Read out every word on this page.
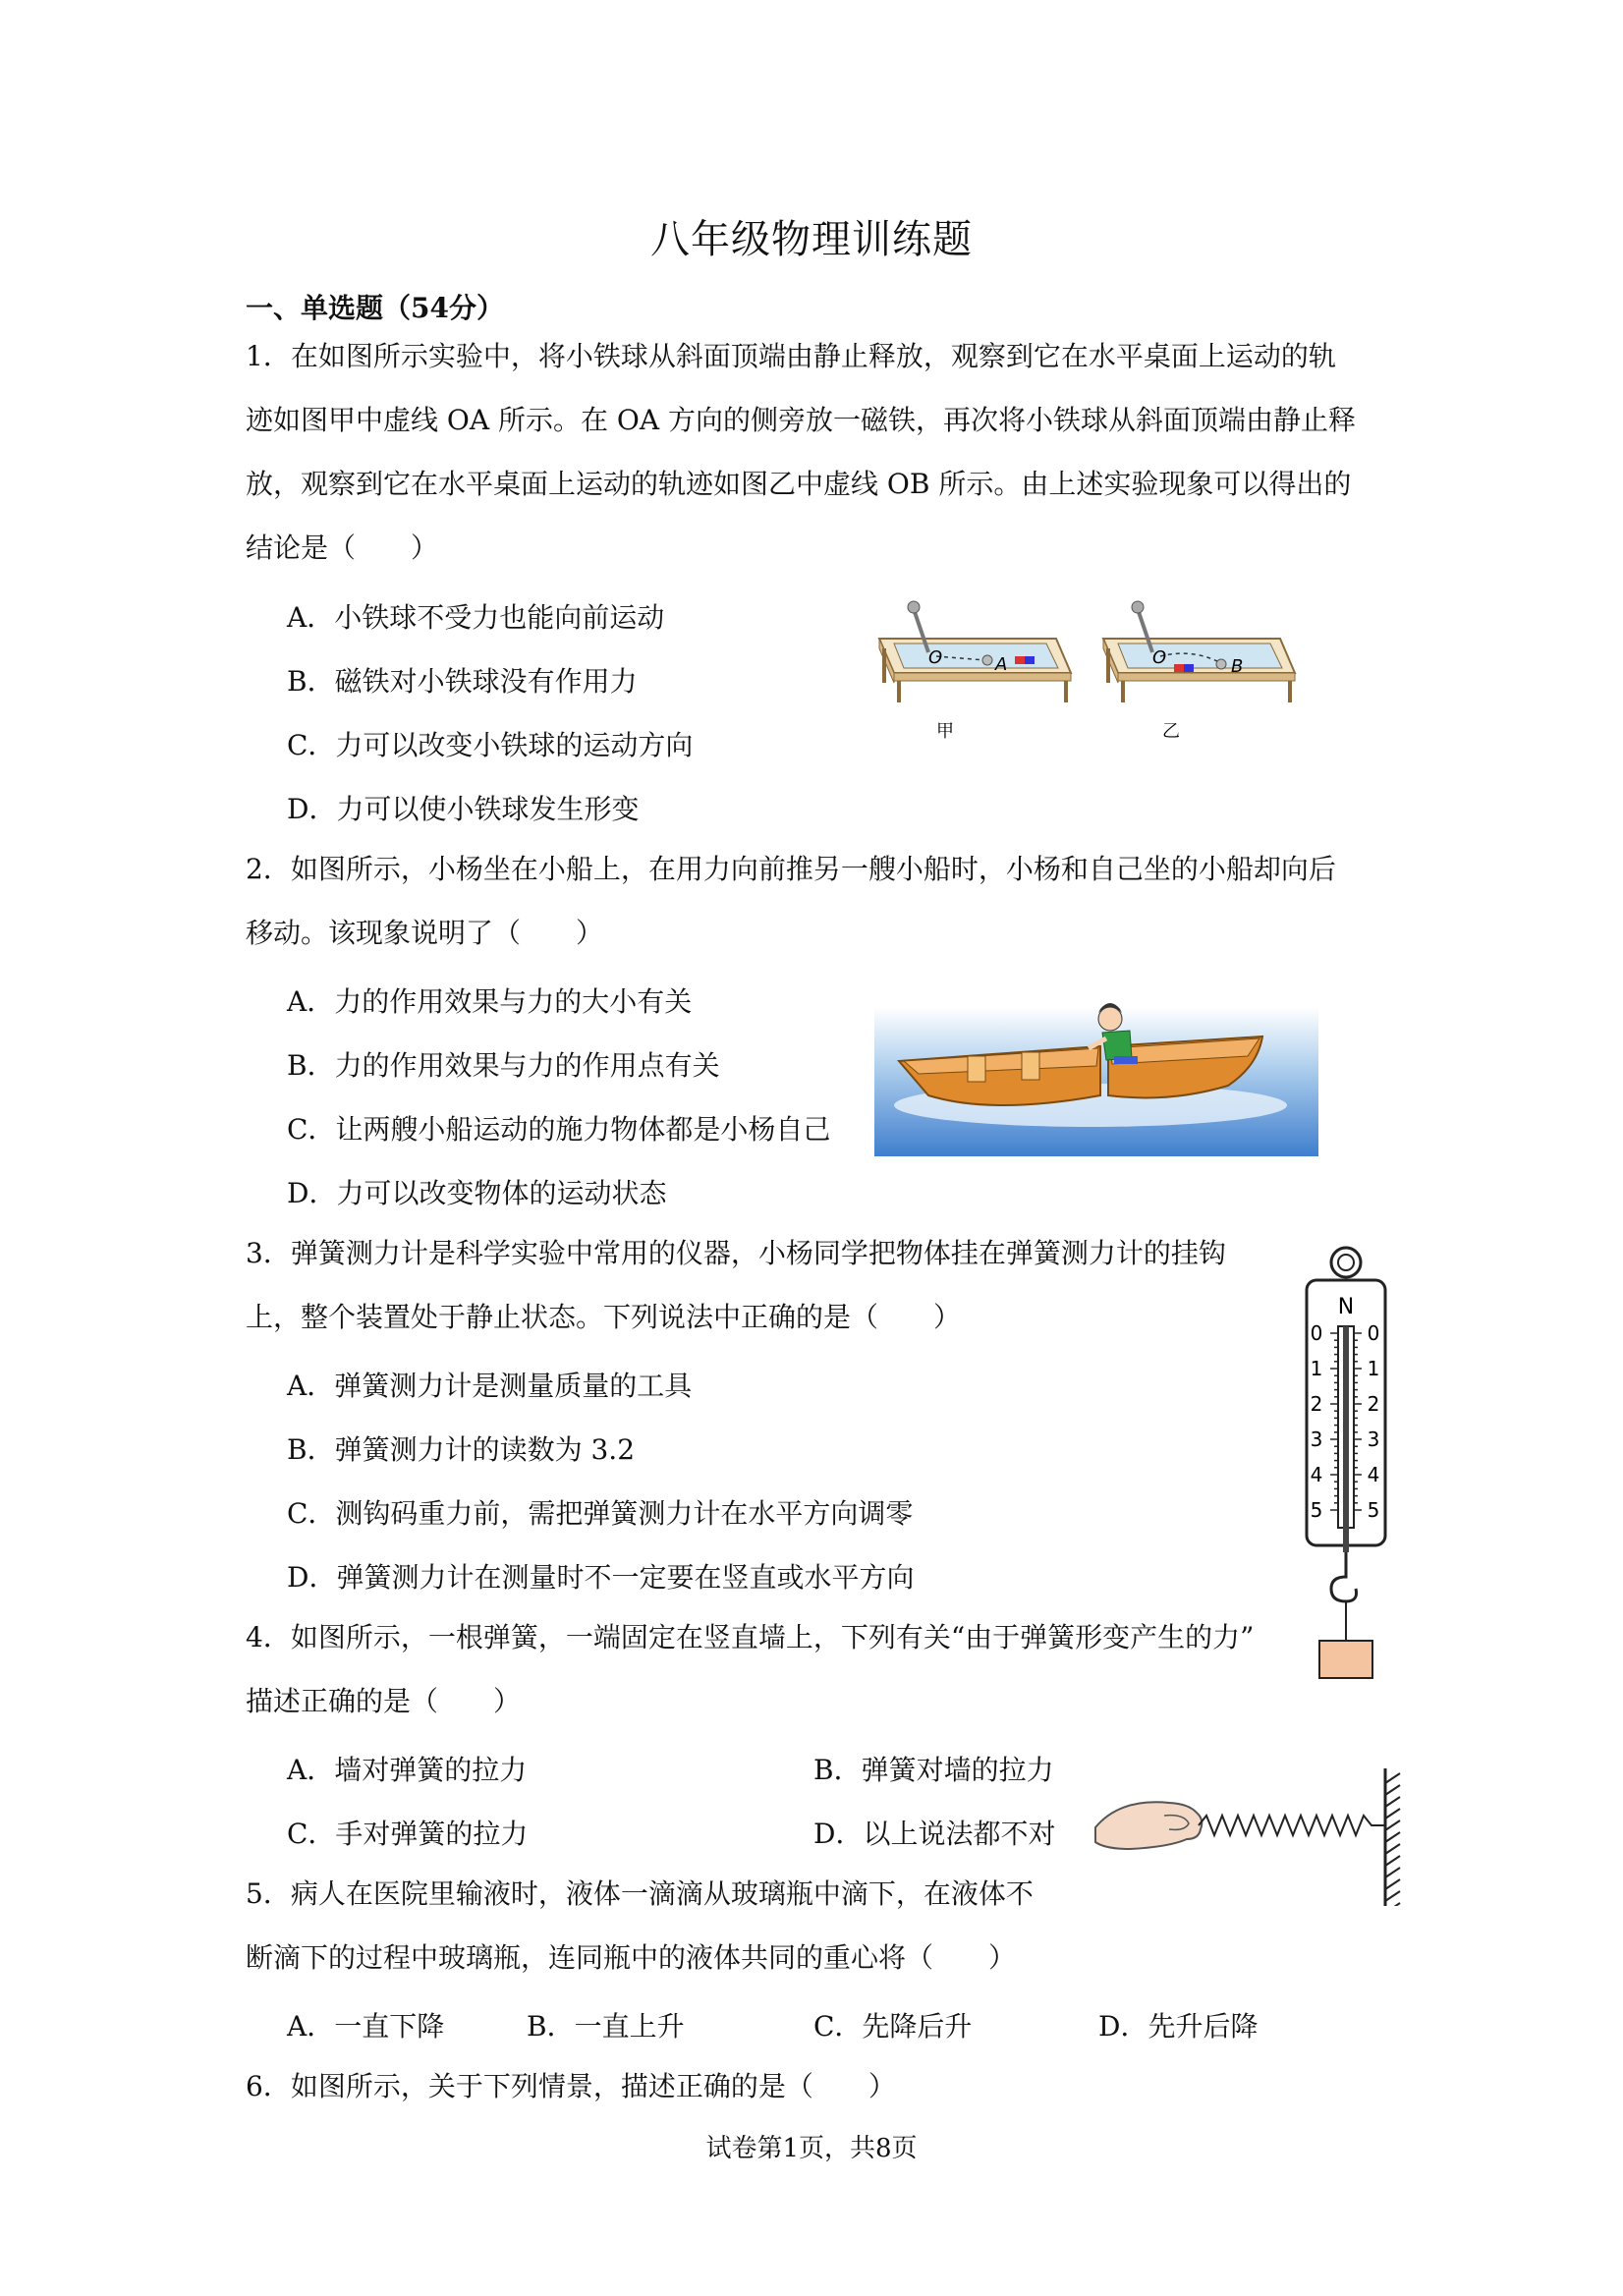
八年级物理训练题
一、单选题（54分）
1．在如图所示实验中，将小铁球从斜面顶端由静止释放，观察到它在水平桌面上运动的轨
迹如图甲中虚线 OA 所示。在 OA 方向的侧旁放一磁铁，再次将小铁球从斜面顶端由静止释
放，观察到它在水平桌面上运动的轨迹如图乙中虚线 OB 所示。由上述实验现象可以得出的
结论是（　　）
A．小铁球不受力也能向前运动
B．磁铁对小铁球没有作用力
C．力可以改变小铁球的运动方向
D．力可以使小铁球发生形变
O	A
甲
O	B
乙
2．如图所示，小杨坐在小船上，在用力向前推另一艘小船时，小杨和自己坐的小船却向后
移动。该现象说明了（　　）
A．力的作用效果与力的大小有关
B．力的作用效果与力的作用点有关
C．让两艘小船运动的施力物体都是小杨自己
D．力可以改变物体的运动状态
3．弹簧测力计是科学实验中常用的仪器，小杨同学把物体挂在弹簧测力计的挂钩
上，整个装置处于静止状态。下列说法中正确的是（　　）
A．弹簧测力计是测量质量的工具
B．弹簧测力计的读数为 3.2
C．测钩码重力前，需把弹簧测力计在水平方向调零
D．弹簧测力计在测量时不一定要在竖直或水平方向
N
0
1
2
3
4
5
0
1
2
3
4
5
4．如图所示，一根弹簧，一端固定在竖直墙上，下列有关“由于弹簧形变产生的力”
描述正确的是（　　）
A．墙对弹簧的拉力	B．弹簧对墙的拉力
C．手对弹簧的拉力	D．以上说法都不对
5．病人在医院里输液时，液体一滴滴从玻璃瓶中滴下，在液体不
断滴下的过程中玻璃瓶，连同瓶中的液体共同的重心将（　　）
A．一直下降	B．一直上升	C．先降后升	D．先升后降
6．如图所示，关于下列情景，描述正确的是（　　）
试卷第1页，共8页
